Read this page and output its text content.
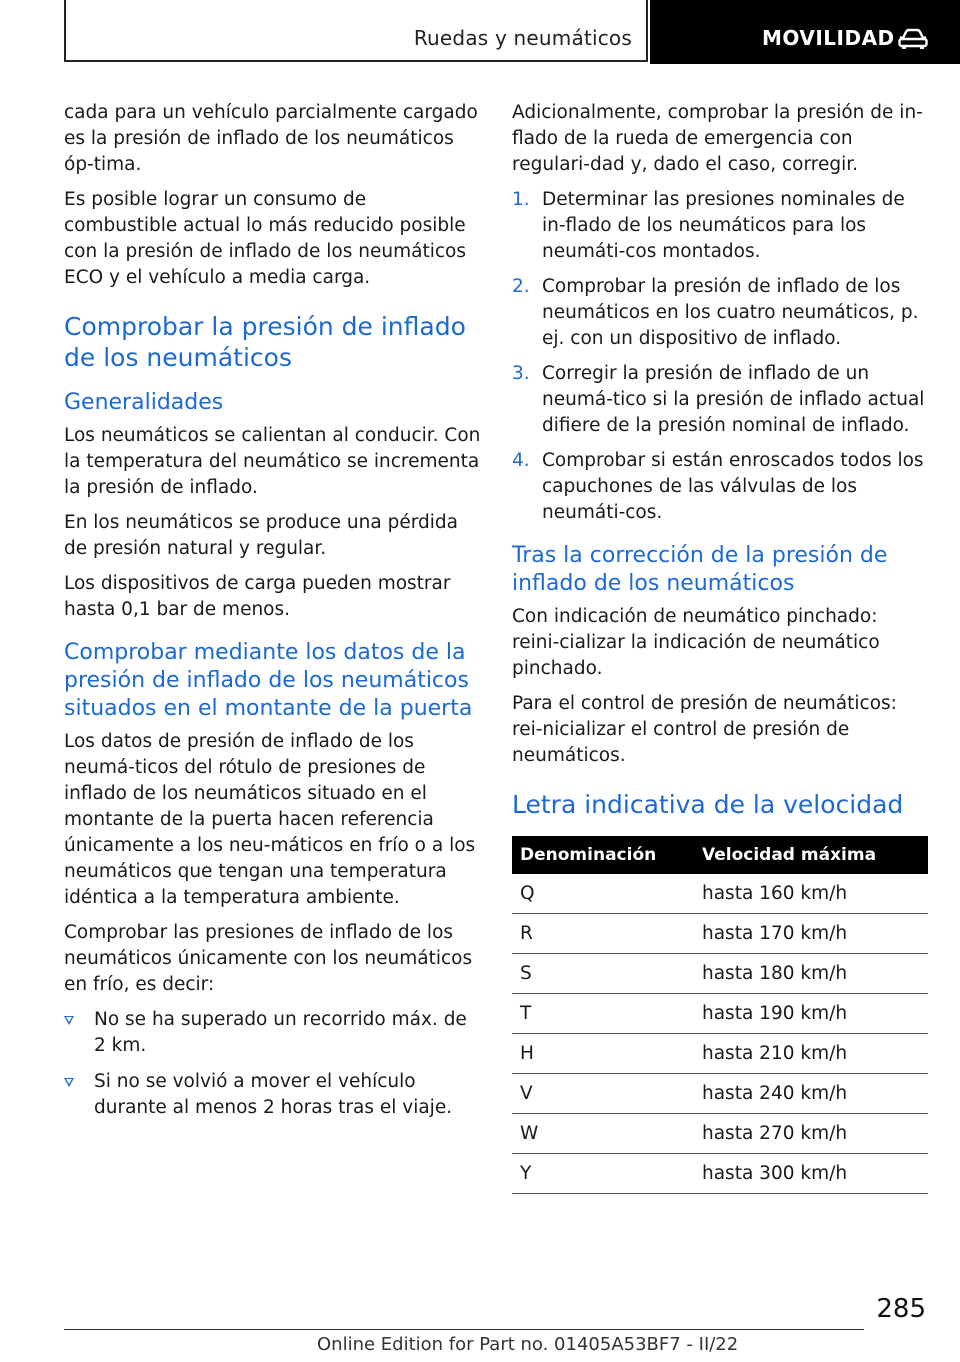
Ruedas y neumáticos	MOVILIDAD

cada para un vehículo parcialmente cargado es la presión de inflado de los neumáticos óp-tima.

Es posible lograr un consumo de combustible actual lo más reducido posible con la presión de inflado de los neumáticos ECO y el vehículo a media carga.

Comprobar la presión de inflado de los neumáticos
Generalidades

Los neumáticos se calientan al conducir. Con la temperatura del neumático se incrementa la presión de inflado.

En los neumáticos se produce una pérdida de presión natural y regular.

Los dispositivos de carga pueden mostrar hasta 0,1 bar de menos.

Comprobar mediante los datos de la presión de inflado de los neumáticos situados en el montante de la puerta

Los datos de presión de inflado de los neumá-ticos del rótulo de presiones de inflado de los neumáticos situado en el montante de la puerta hacen referencia únicamente a los neu-máticos en frío o a los neumáticos que tengan una temperatura idéntica a la temperatura ambiente.

Comprobar las presiones de inflado de los neumáticos únicamente con los neumáticos en frío, es decir:

No se ha superado un recorrido máx. de 2 km.
Si no se volvió a mover el vehículo durante al menos 2 horas tras el viaje.

Adicionalmente, comprobar la presión de in-flado de la rueda de emergencia con regulari-dad y, dado el caso, corregir.

1. Determinar las presiones nominales de in-flado de los neumáticos para los neumáti-cos montados.
2. Comprobar la presión de inflado de los neumáticos en los cuatro neumáticos, p. ej. con un dispositivo de inflado.
3. Corregir la presión de inflado de un neumá-tico si la presión de inflado actual difiere de la presión nominal de inflado.
4. Comprobar si están enroscados todos los capuchones de las válvulas de los neumáti-cos.
Tras la corrección de la presión de inflado de los neumáticos

Con indicación de neumático pinchado: reini-cializar la indicación de neumático pinchado.

Para el control de presión de neumáticos: rei-nicializar el control de presión de neumáticos.

Letra indicativa de la velocidad
Denominación	Velocidad máxima
Q	hasta 160 km/h
R	hasta 170 km/h
S	hasta 180 km/h
T	hasta 190 km/h
H	hasta 210 km/h
V	hasta 240 km/h
W	hasta 270 km/h
Y	hasta 300 km/h
285
Online Edition for Part no. 01405A53BF7 - II/22
